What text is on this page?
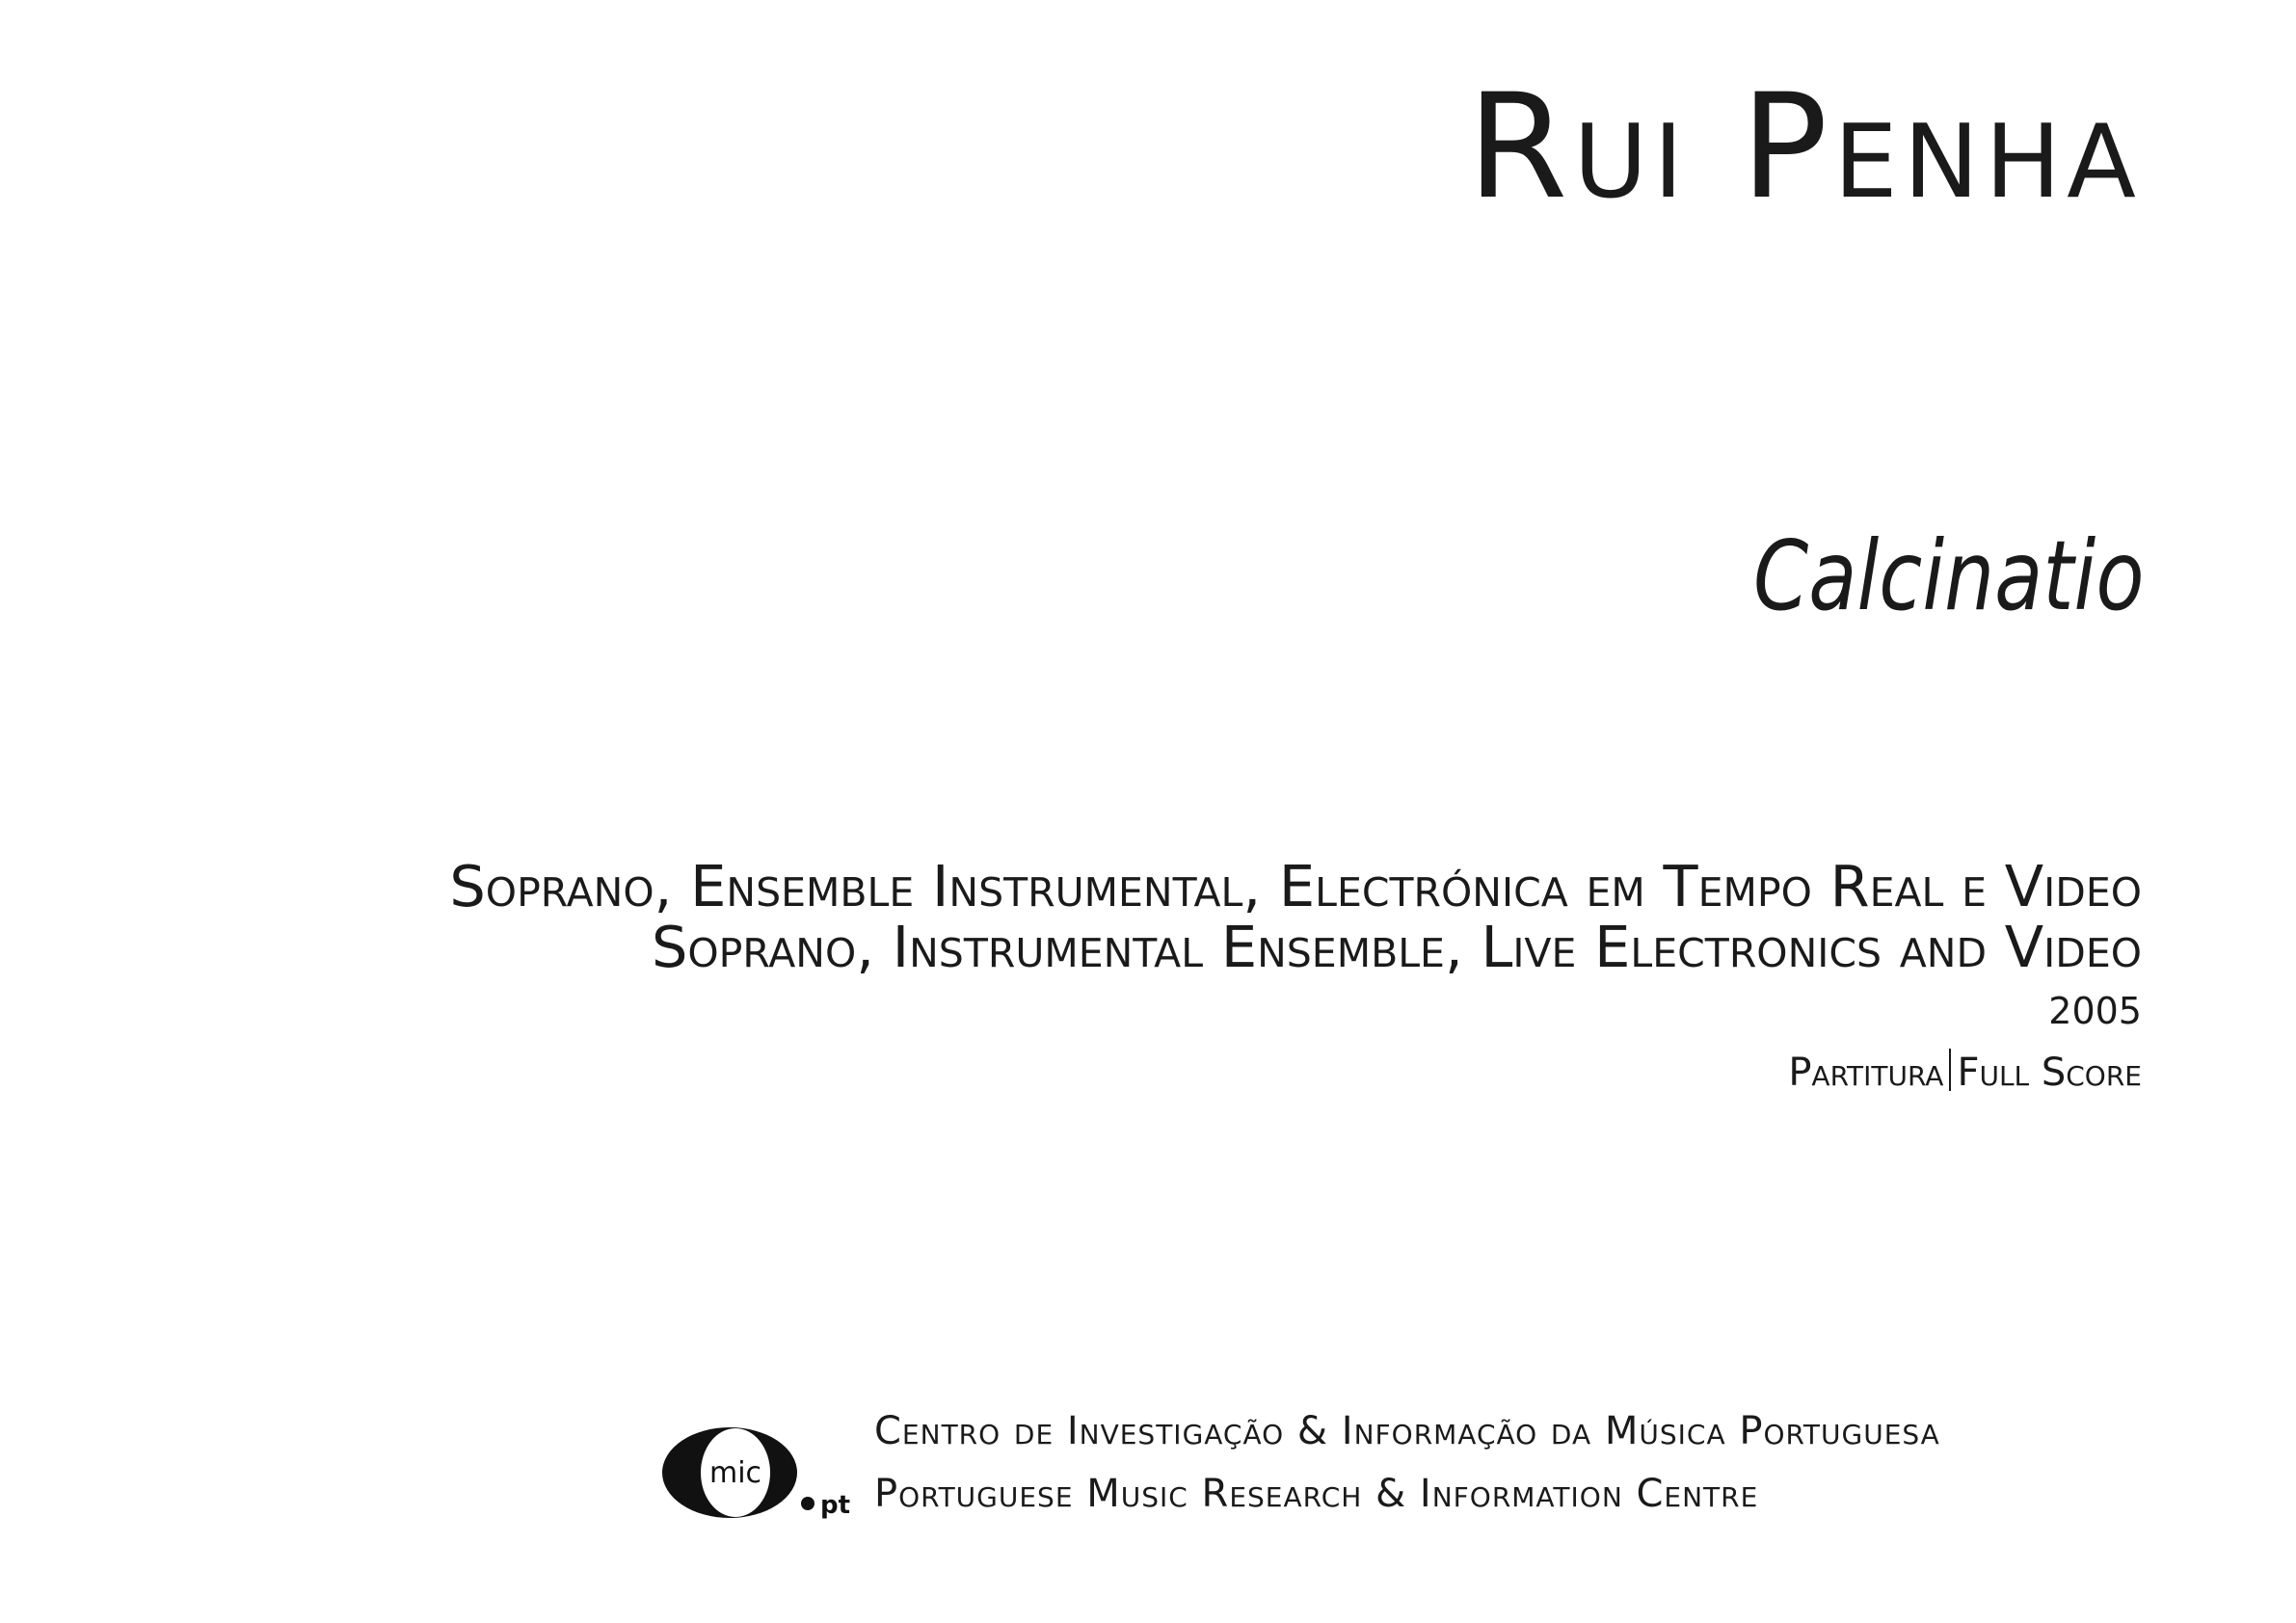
Rui Penha
Calcinatio
Soprano, Ensemble Instrumental, Electrónica em Tempo Real e Video
Soprano, Instrumental Ensemble, Live Electronics and Video
2005
Partitura Full Score
mic
pt
Centro de Investigação & Informação da Música Portuguesa
Portuguese Music Research & Information Centre
